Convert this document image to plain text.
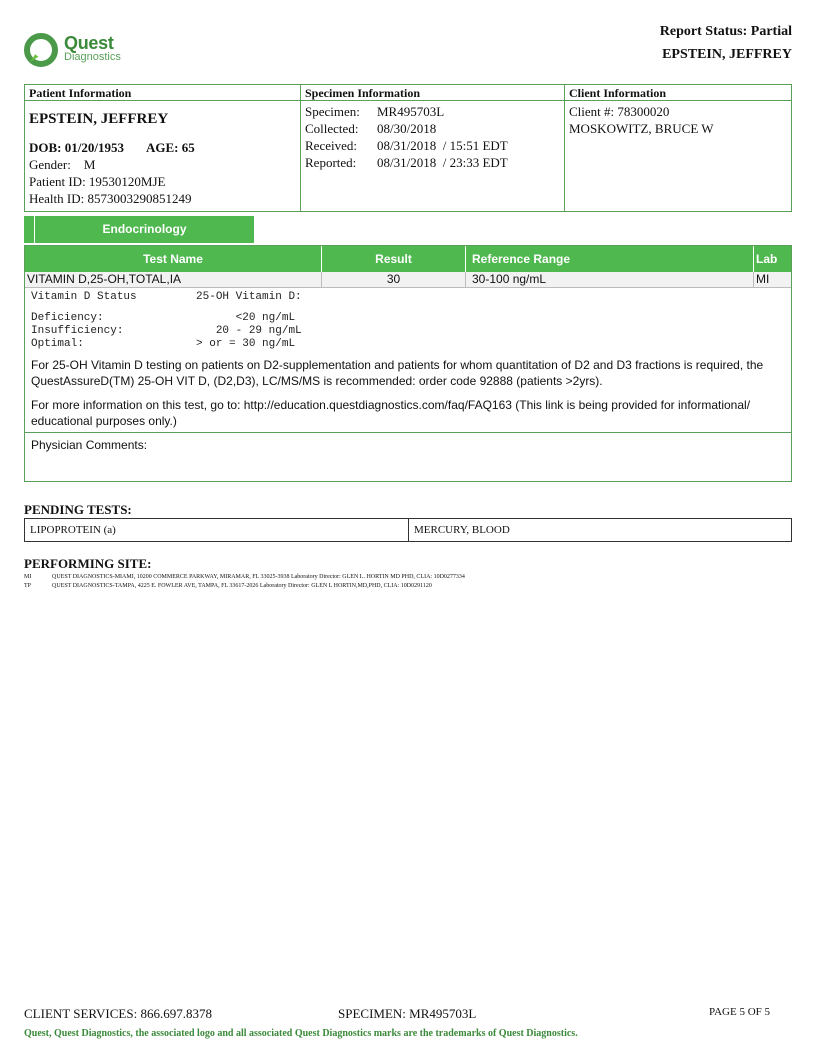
Quest
Diagnostics
Report Status: Partial
EPSTEIN, JEFFREY
Patient Information
EPSTEIN, JEFFREY
DOB: 01/20/1953 AGE: 65
Gender:    M
Patient ID: 19530120MJE
Health ID: 8573003290851249
Specimen Information
Specimen:	MR495703L
Collected:	08/30/2018
Received:	08/31/2018  / 15:51 EDT
Reported:	08/31/2018  / 23:33 EDT
Client Information
Client #: 78300020
MOSKOWITZ, BRUCE W
Endocrinology
Test Name	Result	Reference Range	Lab
VITAMIN D,25-OH,TOTAL,IA	30	30-100 ng/mL	MI
Vitamin D Status         25-OH Vitamin D:
Deficiency:                    <20 ng/mL
Insufficiency:              20 - 29 ng/mL
Optimal:                 > or = 30 ng/mL
For 25-OH Vitamin D testing on patients on D2-supplementation and patients for whom quantitation of D2 and D3 fractions is required, the QuestAssureD(TM) 25-OH VIT D, (D2,D3), LC/MS/MS is recommended: order code 92888 (patients >2yrs).
For more information on this test, go to: http://education.questdiagnostics.com/faq/FAQ163 (This link is being provided for informational/ educational purposes only.)
Physician Comments:
PENDING TESTS:
LIPOPROTEIN (a)	MERCURY, BLOOD
PERFORMING SITE:
MI	QUEST DIAGNOSTICS-MIAMI, 10200 COMMERCE PARKWAY, MIRAMAR, FL 33025-3938 Laboratory Director: GLEN L. HORTIN MD PHD, CLIA: 10D0277334
TP	QUEST DIAGNOSTICS-TAMPA, 4225 E. FOWLER AVE, TAMPA, FL 33617-2026 Laboratory Director: GLEN L HORTIN,MD,PHD, CLIA: 10D0291120
CLIENT SERVICES: 866.697.8378	SPECIMEN: MR495703L	PAGE 5 OF 5
Quest, Quest Diagnostics, the associated logo and all associated Quest Diagnostics marks are the trademarks of Quest Diagnostics.
